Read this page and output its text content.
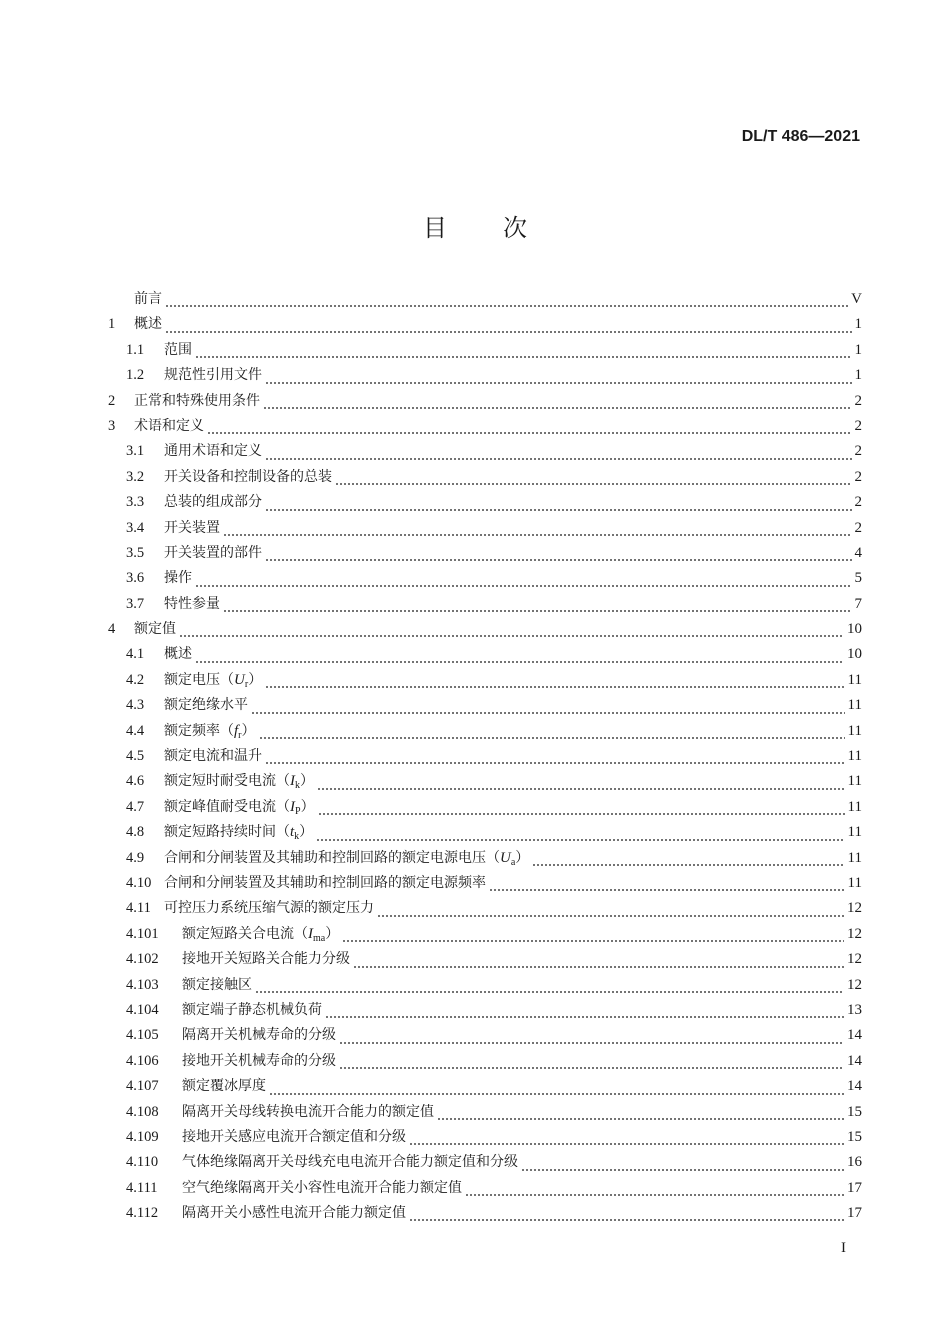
DL/T 486—2021
目 次
前言	V
1	概述	1
1.1	范围	1
1.2	规范性引用文件	1
2	正常和特殊使用条件	2
3	术语和定义	2
3.1	通用术语和定义	2
3.2	开关设备和控制设备的总装	2
3.3	总装的组成部分	2
3.4	开关装置	2
3.5	开关装置的部件	4
3.6	操作	5
3.7	特性参量	7
4	额定值	10
4.1	概述	10
4.2	额定电压$(U_r)$	11
4.3	额定绝缘水平	11
4.4	额定频率$(f_r)$	11
4.5	额定电流和温升	11
4.6	额定短时耐受电流$(I_k)$	11
4.7	额定峰值耐受电流$(I_P)$	11
4.8	额定短路持续时间$(t_k)$	11
4.9	合闸和分闸装置及其辅助和控制回路的额定电源电压$(U_a)$	11
4.10 合闸和分闸装置及其辅助和控制回路的额定电源频率	11
4.11 可控压力系统压缩气源的额定压力	12
4.101	额定短路关合电流$(I_{ma})$	12
4.102	接地开关短路关合能力分级	12
4.103	额定接触区	12
4.104	额定端子静态机械负荷	13
4.105	隔离开关机械寿命的分级	14
4.106	接地开关机械寿命的分级	14
4.107	额定覆冰厚度	14
4.108	隔离开关母线转换电流开合能力的额定值	15
4.109	接地开关感应电流开合额定值和分级	15
4.110	气体绝缘隔离开关母线充电电流开合能力额定值和分级	16
4.111	空气绝缘隔离开关小容性电流开合能力额定值	17
4.112	隔离开关小感性电流开合能力额定值	17
I
